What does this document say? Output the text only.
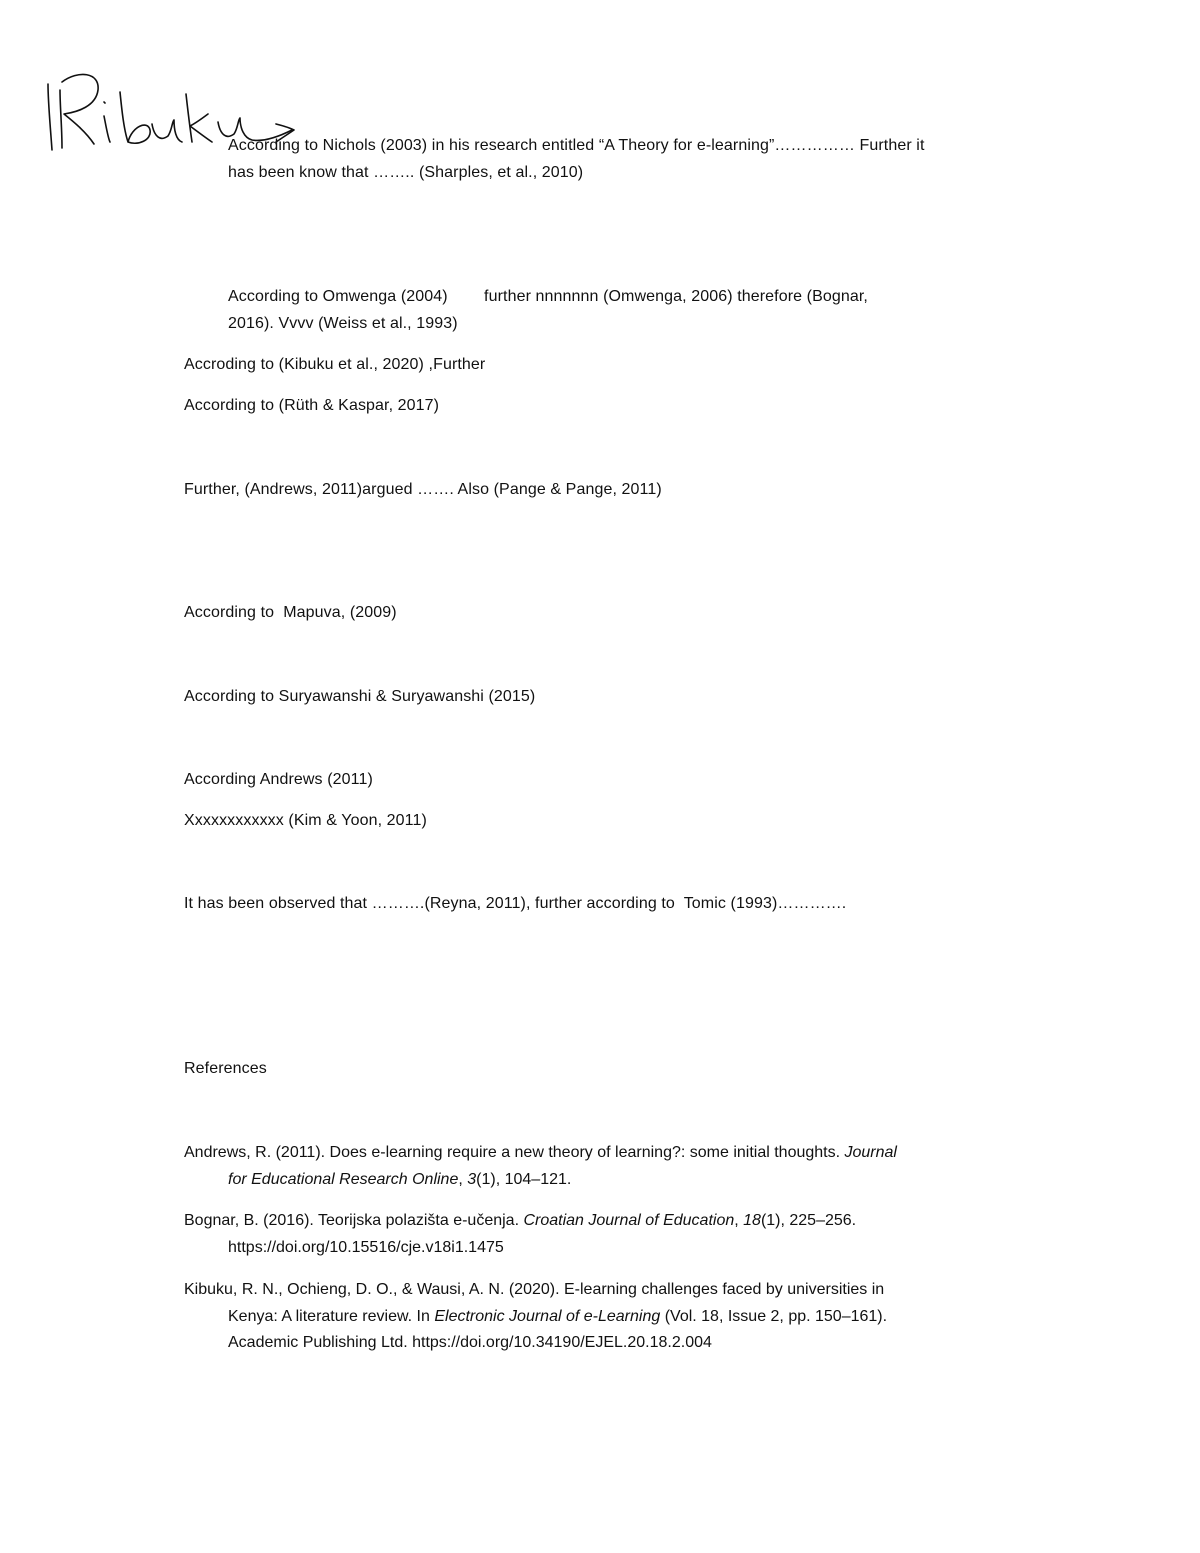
According to Nichols (2003) in his research entitled “A Theory for e-learning”…………… Further it
has been know that …….. (Sharples, et al., 2010)
According to Omwenga (2004)        further nnnnnnn (Omwenga, 2006) therefore (Bognar,
2016). Vvvv (Weiss et al., 1993)
Accroding to (Kibuku et al., 2020) ,Further
According to (Rüth & Kaspar, 2017)
Further, (Andrews, 2011)argued ……. Also (Pange & Pange, 2011)
According to  Mapuva, (2009)
According to Suryawanshi & Suryawanshi (2015)
According Andrews (2011)
Xxxxxxxxxxxx (Kim & Yoon, 2011)
It has been observed that ……….(Reyna, 2011), further according to  Tomic (1993)………….
References
Andrews, R. (2011). Does e-learning require a new theory of learning?: some initial thoughts. Journal
for Educational Research Online, 3(1), 104–121.
Bognar, B. (2016). Teorijska polazišta e-učenja. Croatian Journal of Education, 18(1), 225–256.
https://doi.org/10.15516/cje.v18i1.1475
Kibuku, R. N., Ochieng, D. O., & Wausi, A. N. (2020). E-learning challenges faced by universities in
Kenya: A literature review. In Electronic Journal of e-Learning (Vol. 18, Issue 2, pp. 150–161).
Academic Publishing Ltd. https://doi.org/10.34190/EJEL.20.18.2.004
